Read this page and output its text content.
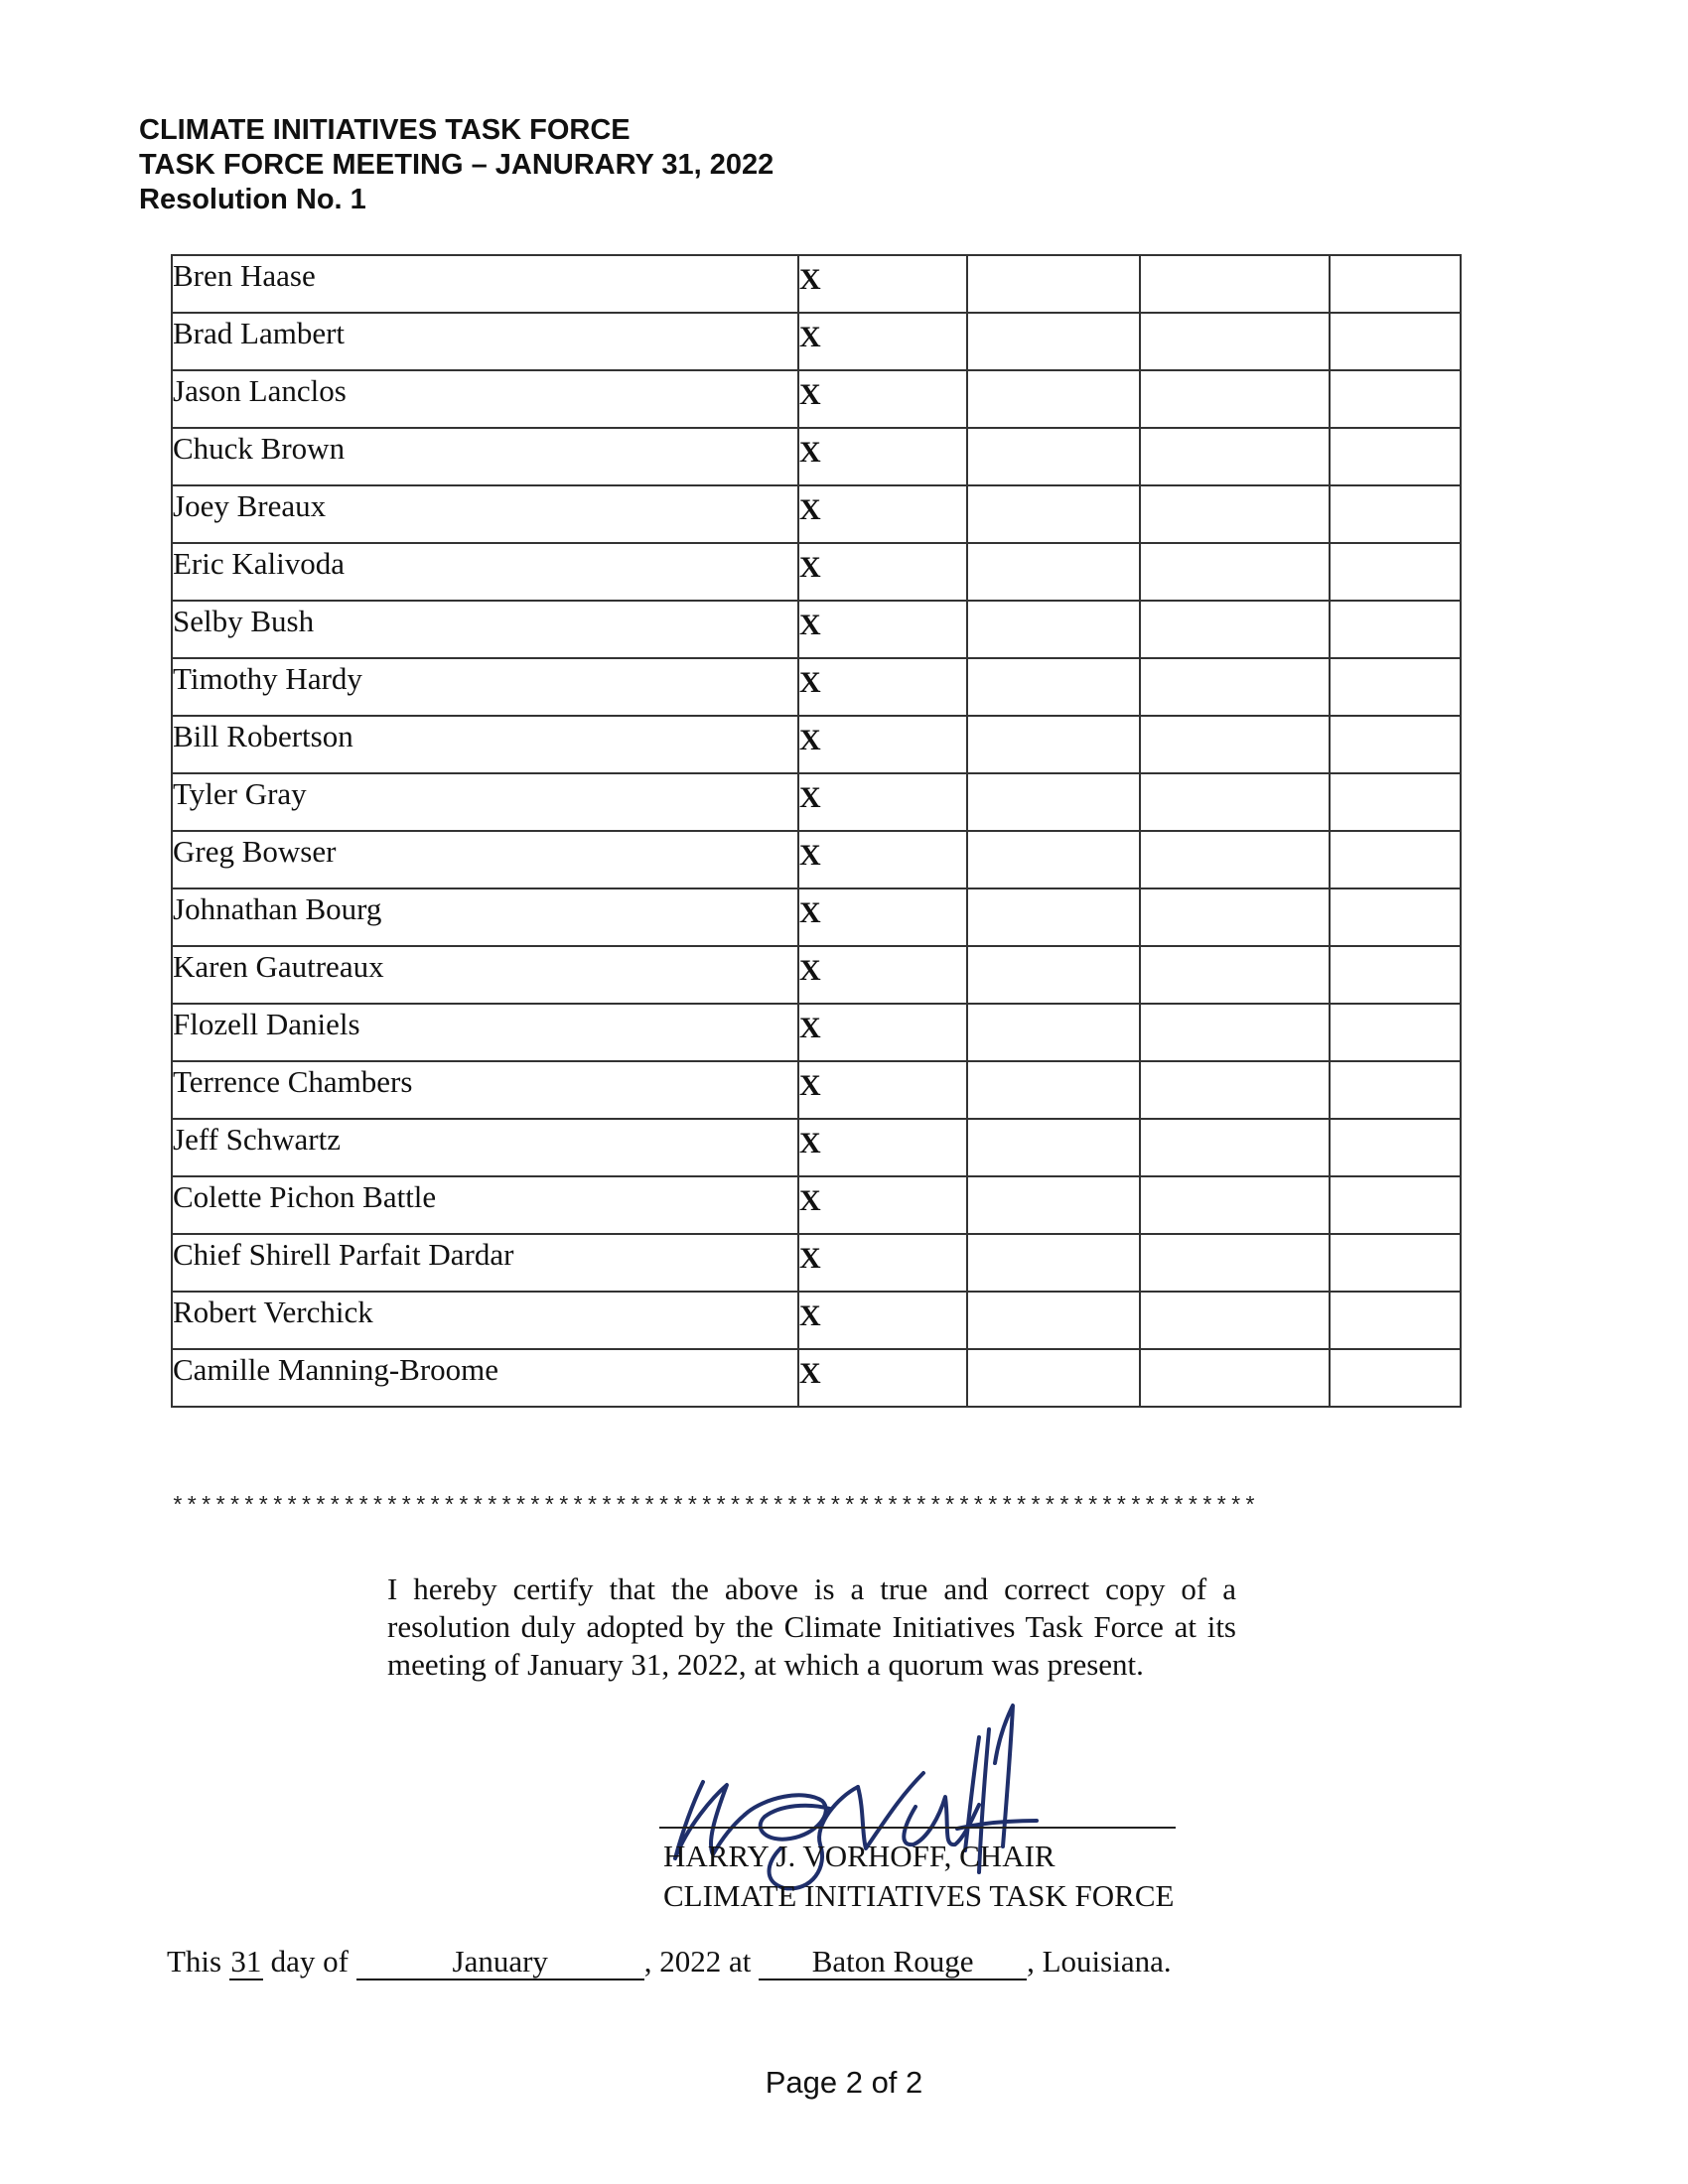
CLIMATE INITIATIVES TASK FORCE
TASK FORCE MEETING – JANURARY 31, 2022
Resolution No. 1
Bren Haase	X			
Brad Lambert	X			
Jason Lanclos	X			
Chuck Brown	X			
Joey Breaux	X			
Eric Kalivoda	X			
Selby Bush	X			
Timothy Hardy	X			
Bill Robertson	X			
Tyler Gray	X			
Greg Bowser	X			
Johnathan Bourg	X			
Karen Gautreaux	X			
Flozell Daniels	X			
Terrence Chambers	X			
Jeff Schwartz	X			
Colette Pichon Battle	X			
Chief Shirell Parfait Dardar	X			
Robert Verchick	X			
Camille Manning-Broome	X			
****************************************************************************
I hereby certify that the above is a true and correct copy of a resolution duly adopted by the Climate Initiatives Task Force at its meeting of January 31, 2022, at which a quorum was present.
HARRY J. VORHOFF, CHAIR
CLIMATE INITIATIVES TASK FORCE
This 31 day of	January	, 2022 at Baton Rouge , Louisiana.
Page 2 of 2
